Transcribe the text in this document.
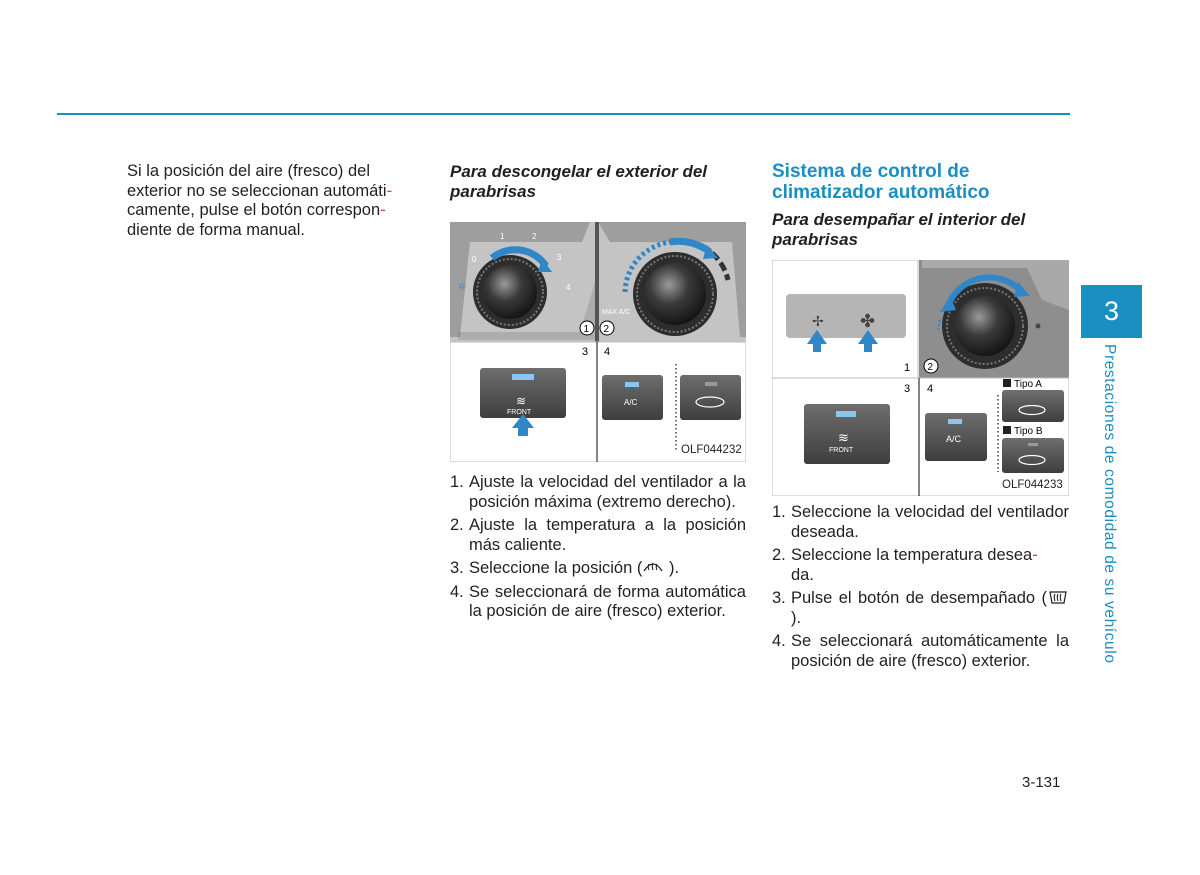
Si la posición del aire (fresco) del
exterior no se seleccionan automáti-
camente, pulse el botón correspon-
diente de forma manual.
Para descongelar el exterior del parabrisas
0
1	2
3
4
✲
MAX A/C
1 2
3 4
≋
FRONT
A/C
OLF044232
1. Ajuste la velocidad del ventilador a la posición máxima (extremo derecho).
2. Ajuste la temperatura a la posición más caliente.
3. Seleccione la posición ( ).
4. Se seleccionará de forma automática la posición de aire (fresco) exterior.
Sistema de control de climatizador automático
Para desempañar el interior del parabrisas
✢ ✤
1 2
3 4
≋
FRONT
A/C
Tipo A
Tipo B
OLF044233
1. Seleccione la velocidad del ventilador deseada.
2. Seleccione la temperatura desea-
da.
3. Pulse el botón de desempañado ( ).
4. Se seleccionará automáticamente la posición de aire (fresco) exterior.
3
Prestaciones de comodidad de su vehículo
3-131
